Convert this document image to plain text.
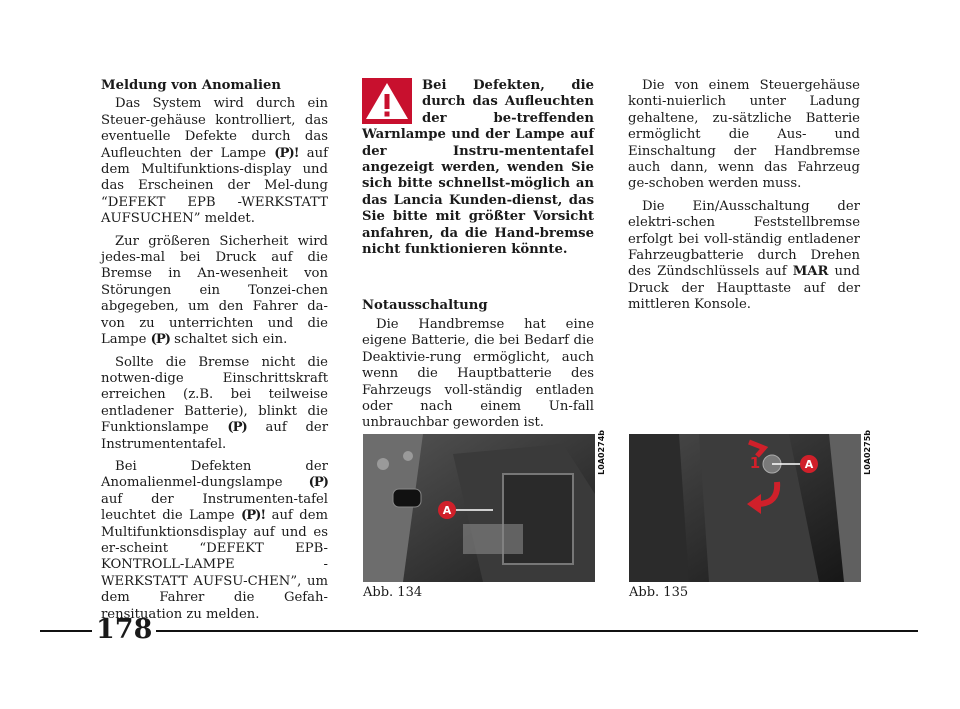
Meldung von Anomalien

Das System wird durch ein Steuer-gehäuse kontrolliert, das eventuelle Defekte durch das Aufleuchten der Lampe (P)! auf dem Multifunktions-display und das Erscheinen der Mel-dung “DEFEKT EPB -WERKSTATT AUFSUCHEN” meldet.

Zur größeren Sicherheit wird jedes-mal bei Druck auf die Bremse in An-wesenheit von Störungen ein Tonzei-chen abgegeben, um den Fahrer da-von zu unterrichten und die Lampe (P) schaltet sich ein.

Sollte die Bremse nicht die notwen-dige Einschrittskraft erreichen (z.B. bei teilweise entladener Batterie), blinkt die Funktionslampe (P) auf der Instrumententafel.

Bei Defekten der Anomalienmel-dungslampe (P) auf der Instrumenten-tafel leuchtet die Lampe (P)! auf dem Multifunktionsdisplay auf und es er-scheint “DEFEKT EPB-KONTROLL-LAMPE - WERKSTATT AUFSU-CHEN”, um dem Fahrer die Gefah-rensituation zu melden.

Bei Defekten, die durch das Aufleuchten der be-treffenden Warnlampe und der Lampe auf der Instru-mententafel angezeigt werden, wenden Sie sich bitte schnellst-möglich an das Lancia Kunden-dienst, das Sie bitte mit größter Vorsicht anfahren, da die Hand-bremse nicht funktionieren könnte.

Notausschaltung

Die Handbremse hat eine eigene Batterie, die bei Bedarf die Deaktivie-rung ermöglicht, auch wenn die Hauptbatterie des Fahrzeugs voll-ständig entladen oder nach einem Un-fall unbrauchbar geworden ist.

Die von einem Steuergehäuse konti-nuierlich unter Ladung gehaltene, zu-sätzliche Batterie ermöglicht die Aus- und Einschaltung der Handbremse auch dann, wenn das Fahrzeug ge-schoben werden muss.

Die Ein/Ausschaltung der elektri-schen Feststellbremse erfolgt bei voll-ständig entladener Fahrzeugbatterie durch Drehen des Zündschlüssels auf MAR und Druck der Haupttaste auf der mittleren Konsole.

A
L0A0274b	1	A	L0A0275b
Abb. 134	Abb. 135
178
